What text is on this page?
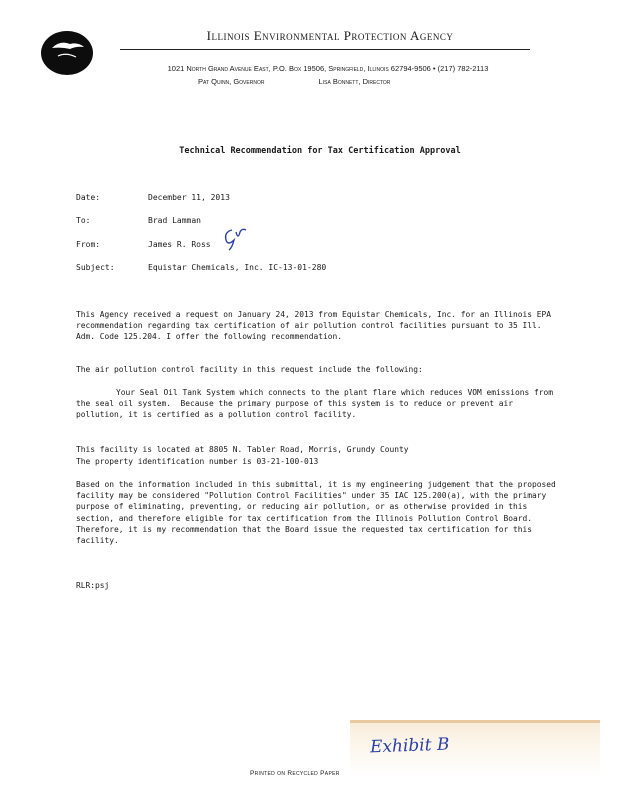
Illinois Environmental Protection Agency
1021 North Grand Avenue East, P.O. Box 19506, Springfield, Illinois 62794-9506 • (217) 782-2113
Pat Quinn, Governor	Lisa Bonnett, Director
Technical Recommendation for Tax Certification Approval
Date:	December 11, 2013
To:	Brad Lamman
From:	James R. Ross
Subject:	Equistar Chemicals, Inc. IC-13-01-280

This Agency received a request on January 24, 2013 from Equistar Chemicals, Inc. for an Illinois EPA recommendation regarding tax certification of air pollution control facilities pursuant to 35 Ill. Adm. Code 125.204. I offer the following recommendation.

The air pollution control facility in this request include the following:

Your Seal Oil Tank System which connects to the plant flare which reduces VOM emissions from the seal oil system.  Because the primary purpose of this system is to reduce or prevent air pollution, it is certified as a pollution control facility.

This facility is located at 8805 N. Tabler Road, Morris, Grundy County

The property identification number is 03-21-100-013

Based on the information included in this submittal, it is my engineering judgement that the proposed facility may be considered "Pollution Control Facilities" under 35 IAC 125.200(a), with the primary purpose of eliminating, preventing, or reducing air pollution, or as otherwise provided in this section, and therefore eligible for tax certification from the Illinois Pollution Control Board.  Therefore, it is my recommendation that the Board issue the requested tax certification for this facility.

RLR:psj

Exhibit B
Printed on Recycled Paper
